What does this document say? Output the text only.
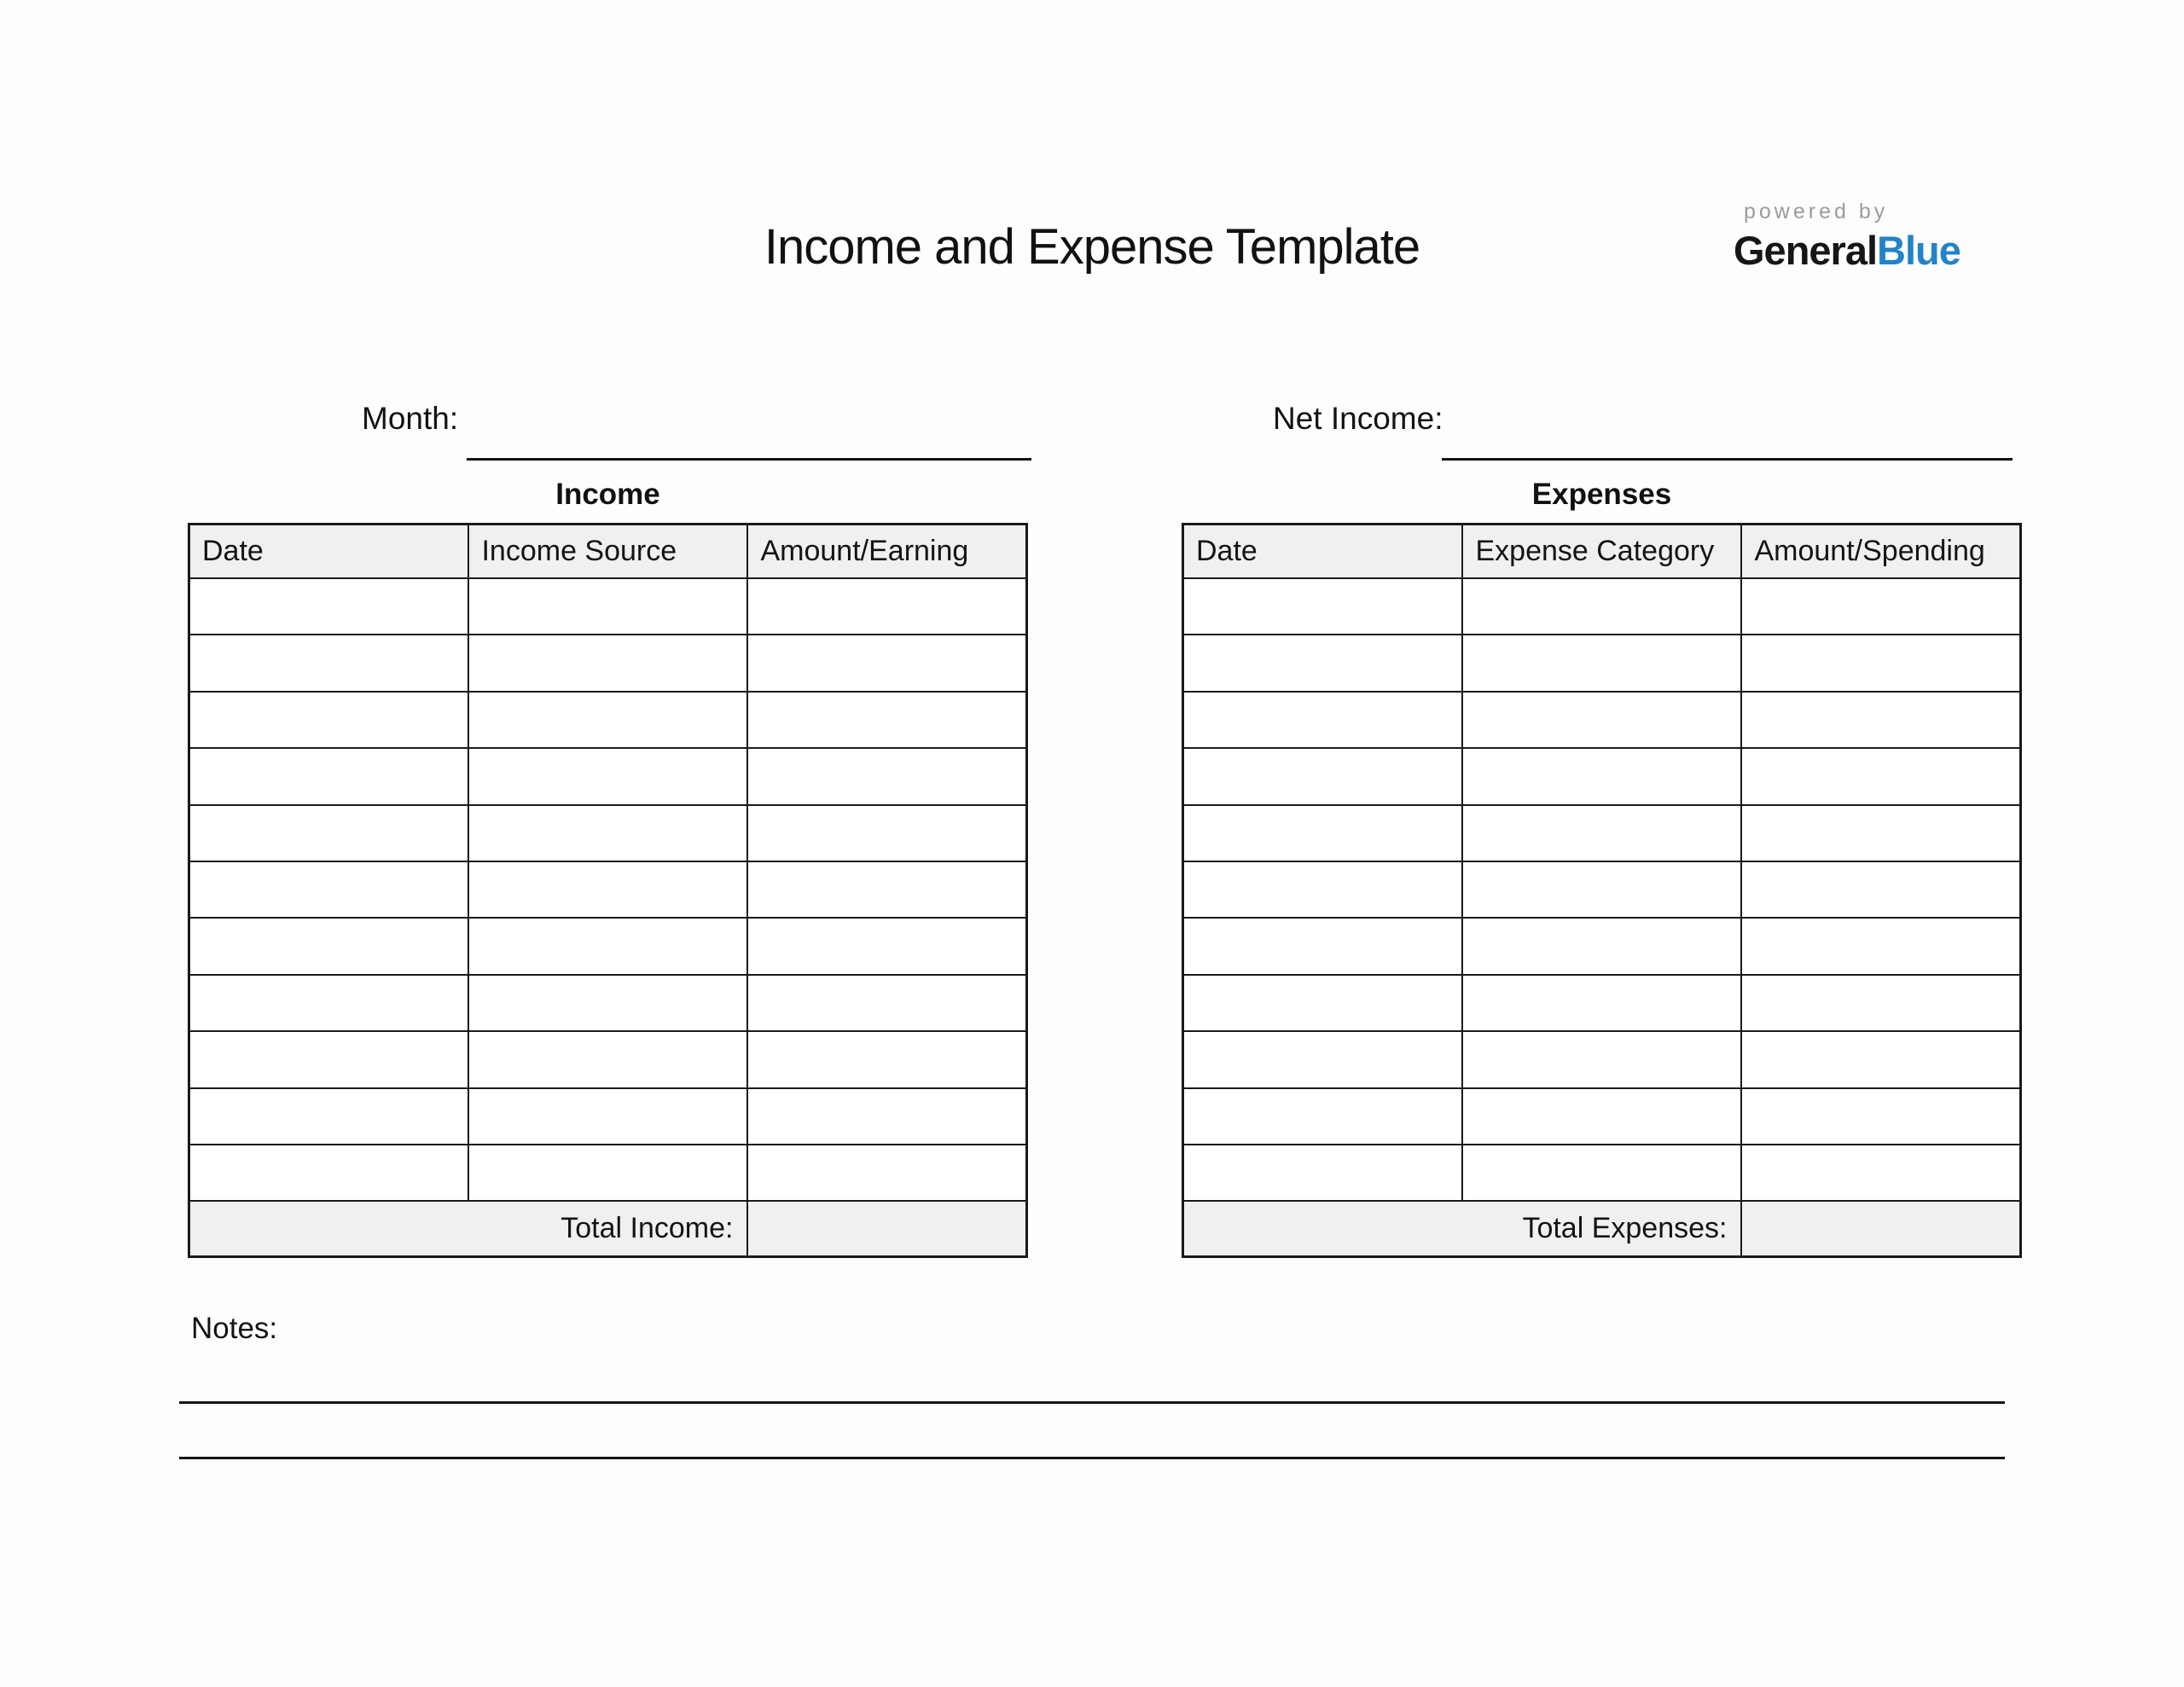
Income and Expense Template
powered by
GeneralBlue
Month:	Net Income:
Income
Date	Income Source	Amount/Earning

Total Income:		
Expenses
Date	Expense Category	Amount/Spending

Total Expenses:		
Notes:
